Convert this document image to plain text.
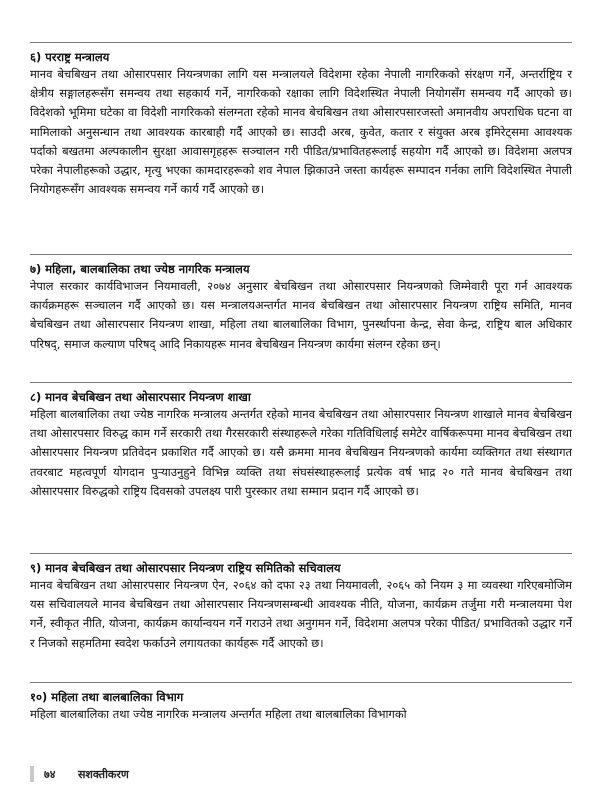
६) परराष्ट्र मन्त्रालय

मानव बेचबिखन तथा ओसारपसार नियन्त्रणका लागि यस मन्त्रालयले विदेशमा रहेका नेपाली नागरिकको संरक्षण गर्ने, अन्तर्राष्ट्रिय र क्षेत्रीय सङ्गालहरूसँग समन्वय तथा सहकार्य गर्ने, नागरिकको रक्षाका लागि विदेशस्थित नेपाली नियोगसँग समन्वय गर्दै आएको छ। विदेशको भूमिमा घटेका वा विदेशी नागरिकको संलग्नता रहेको मानव बेचबिखन तथा ओसारपसारजस्तो अमानवीय अपराधिक घटना वा मामिलाको अनुसन्धान तथा आवश्यक कारबाही गर्दै आएको छ। साउदी अरब, कुवेत, कतार र संयुक्त अरब इमिरेट्समा आवश्यक पर्दाको बखतमा अल्पकालीन सुरक्षा आवासगृहहरू सञ्चालन गरी पीडित/प्रभावितहरूलाई सहयोग गर्दै आएको छ। विदेशमा अलपत्र परेका नेपालीहरूको उद्धार, मृत्यु भएका कामदारहरूको शव नेपाल झिकाउने जस्ता कार्यहरू सम्पादन गर्नका लागि विदेशस्थित नेपाली नियोगहरूसँग आवश्यक समन्वय गर्ने कार्य गर्दै आएको छ।

७) महिला, बालबालिका तथा ज्येष्ठ नागरिक मन्त्रालय

नेपाल सरकार कार्यविभाजन नियमावली, २०७४ अनुसार बेचबिखन तथा ओसारपसार नियन्त्रणको जिम्मेवारी पूरा गर्न आवश्यक कार्यक्रमहरू सञ्चालन गर्दै आएको छ। यस मन्त्रालयअन्तर्गत मानव बेचबिखन तथा ओसारपसार नियन्त्रण राष्ट्रिय समिति, मानव बेचबिखन तथा ओसारपसार नियन्त्रण शाखा, महिला तथा बालबालिका विभाग, पुनर्स्थापना केन्द्र, सेवा केन्द्र, राष्ट्रिय बाल अधिकार परिषद्, समाज कल्याण परिषद् आदि निकायहरू मानव बेचबिखन नियन्त्रण कार्यमा संलग्न रहेका छन्।

८) मानव बेचबिखन तथा ओसारपसार नियन्त्रण शाखा

महिला बालबालिका तथा ज्येष्ठ नागरिक मन्त्रालय अन्तर्गत रहेको मानव बेचबिखन तथा ओसारपसार नियन्त्रण शाखाले मानव बेचबिखन तथा ओसारपसार विरुद्ध काम गर्ने सरकारी तथा गैरसरकारी संस्थाहरूले गरेका गतिविधिलाई समेटेर वार्षिकरूपमा मानव बेचबिखन तथा ओसारपसार नियन्त्रण प्रतिवेदन प्रकाशित गर्दै आएको छ। यसै क्रममा मानव बेचबिखन नियन्त्रणको कार्यमा व्यक्तिगत तथा संस्थागत तवरबाट महत्वपूर्ण योगदान पुऱ्याउनुहुने विभिन्न व्यक्ति तथा संघसंस्थाहरूलाई प्रत्येक वर्ष भाद्र २० गते मानव बेचबिखन तथा ओसारपसार विरुद्धको राष्ट्रिय दिवसको उपलक्ष्य पारी पुरस्कार तथा सम्मान प्रदान गर्दै आएको छ।

९) मानव बेचबिखन तथा ओसारपसार नियन्त्रण राष्ट्रिय समितिको सचिवालय

मानव बेचबिखन तथा ओसारपसार नियन्त्रण ऐन, २०६४ को दफा २३ तथा नियमावली, २०६५ को नियम ३ मा व्यवस्था गरिएबमोजिम यस सचिवालयले मानव बेचबिखन तथा ओसारपसार नियन्त्रणसम्बन्धी आवश्यक नीति, योजना, कार्यक्रम तर्जुमा गरी मन्त्रालयमा पेश गर्ने, स्वीकृत नीति, योजना, कार्यक्रम कार्यान्वयन गर्ने गराउने तथा अनुगमन गर्ने, विदेशमा अलपत्र परेका पीडित/ प्रभावितको उद्धार गर्ने र निजको सहमतिमा स्वदेश फर्काउने लगायतका कार्यहरू गर्दै आएको छ।

१०) महिला तथा बालबालिका विभाग

महिला बालबालिका तथा ज्येष्ठ नागरिक मन्त्रालय अन्तर्गत महिला तथा बालबालिका विभागको

७४ सशक्तीकरण
